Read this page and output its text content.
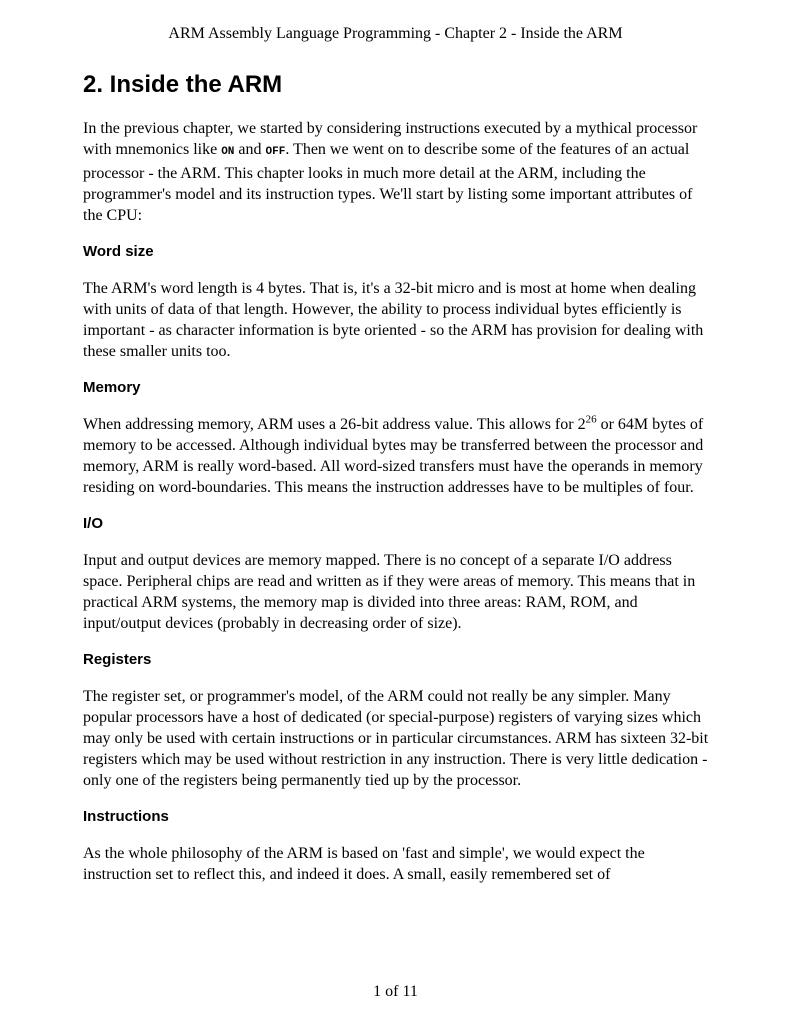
ARM Assembly Language Programming - Chapter 2 - Inside the ARM
2. Inside the ARM

In the previous chapter, we started by considering instructions executed by a mythical processor with mnemonics like ON and OFF. Then we went on to describe some of the features of an actual processor - the ARM. This chapter looks in much more detail at the ARM, including the programmer's model and its instruction types. We'll start by listing some important attributes of the CPU:

Word size

The ARM's word length is 4 bytes. That is, it's a 32-bit micro and is most at home when dealing with units of data of that length. However, the ability to process individual bytes efficiently is important - as character information is byte oriented - so the ARM has provision for dealing with these smaller units too.

Memory

When addressing memory, ARM uses a 26-bit address value. This allows for $2^{26}$ or 64M bytes of memory to be accessed. Although individual bytes may be transferred between the processor and memory, ARM is really word-based. All word-sized transfers must have the operands in memory residing on word-boundaries. This means the instruction addresses have to be multiples of four.

I/O

Input and output devices are memory mapped. There is no concept of a separate I/O address space. Peripheral chips are read and written as if they were areas of memory. This means that in practical ARM systems, the memory map is divided into three areas: RAM, ROM, and input/output devices (probably in decreasing order of size).

Registers

The register set, or programmer's model, of the ARM could not really be any simpler. Many popular processors have a host of dedicated (or special-purpose) registers of varying sizes which may only be used with certain instructions or in particular circumstances. ARM has sixteen 32-bit registers which may be used without restriction in any instruction. There is very little dedication - only one of the registers being permanently tied up by the processor.

Instructions

As the whole philosophy of the ARM is based on 'fast and simple', we would expect the instruction set to reflect this, and indeed it does. A small, easily remembered set of

1 of 11
